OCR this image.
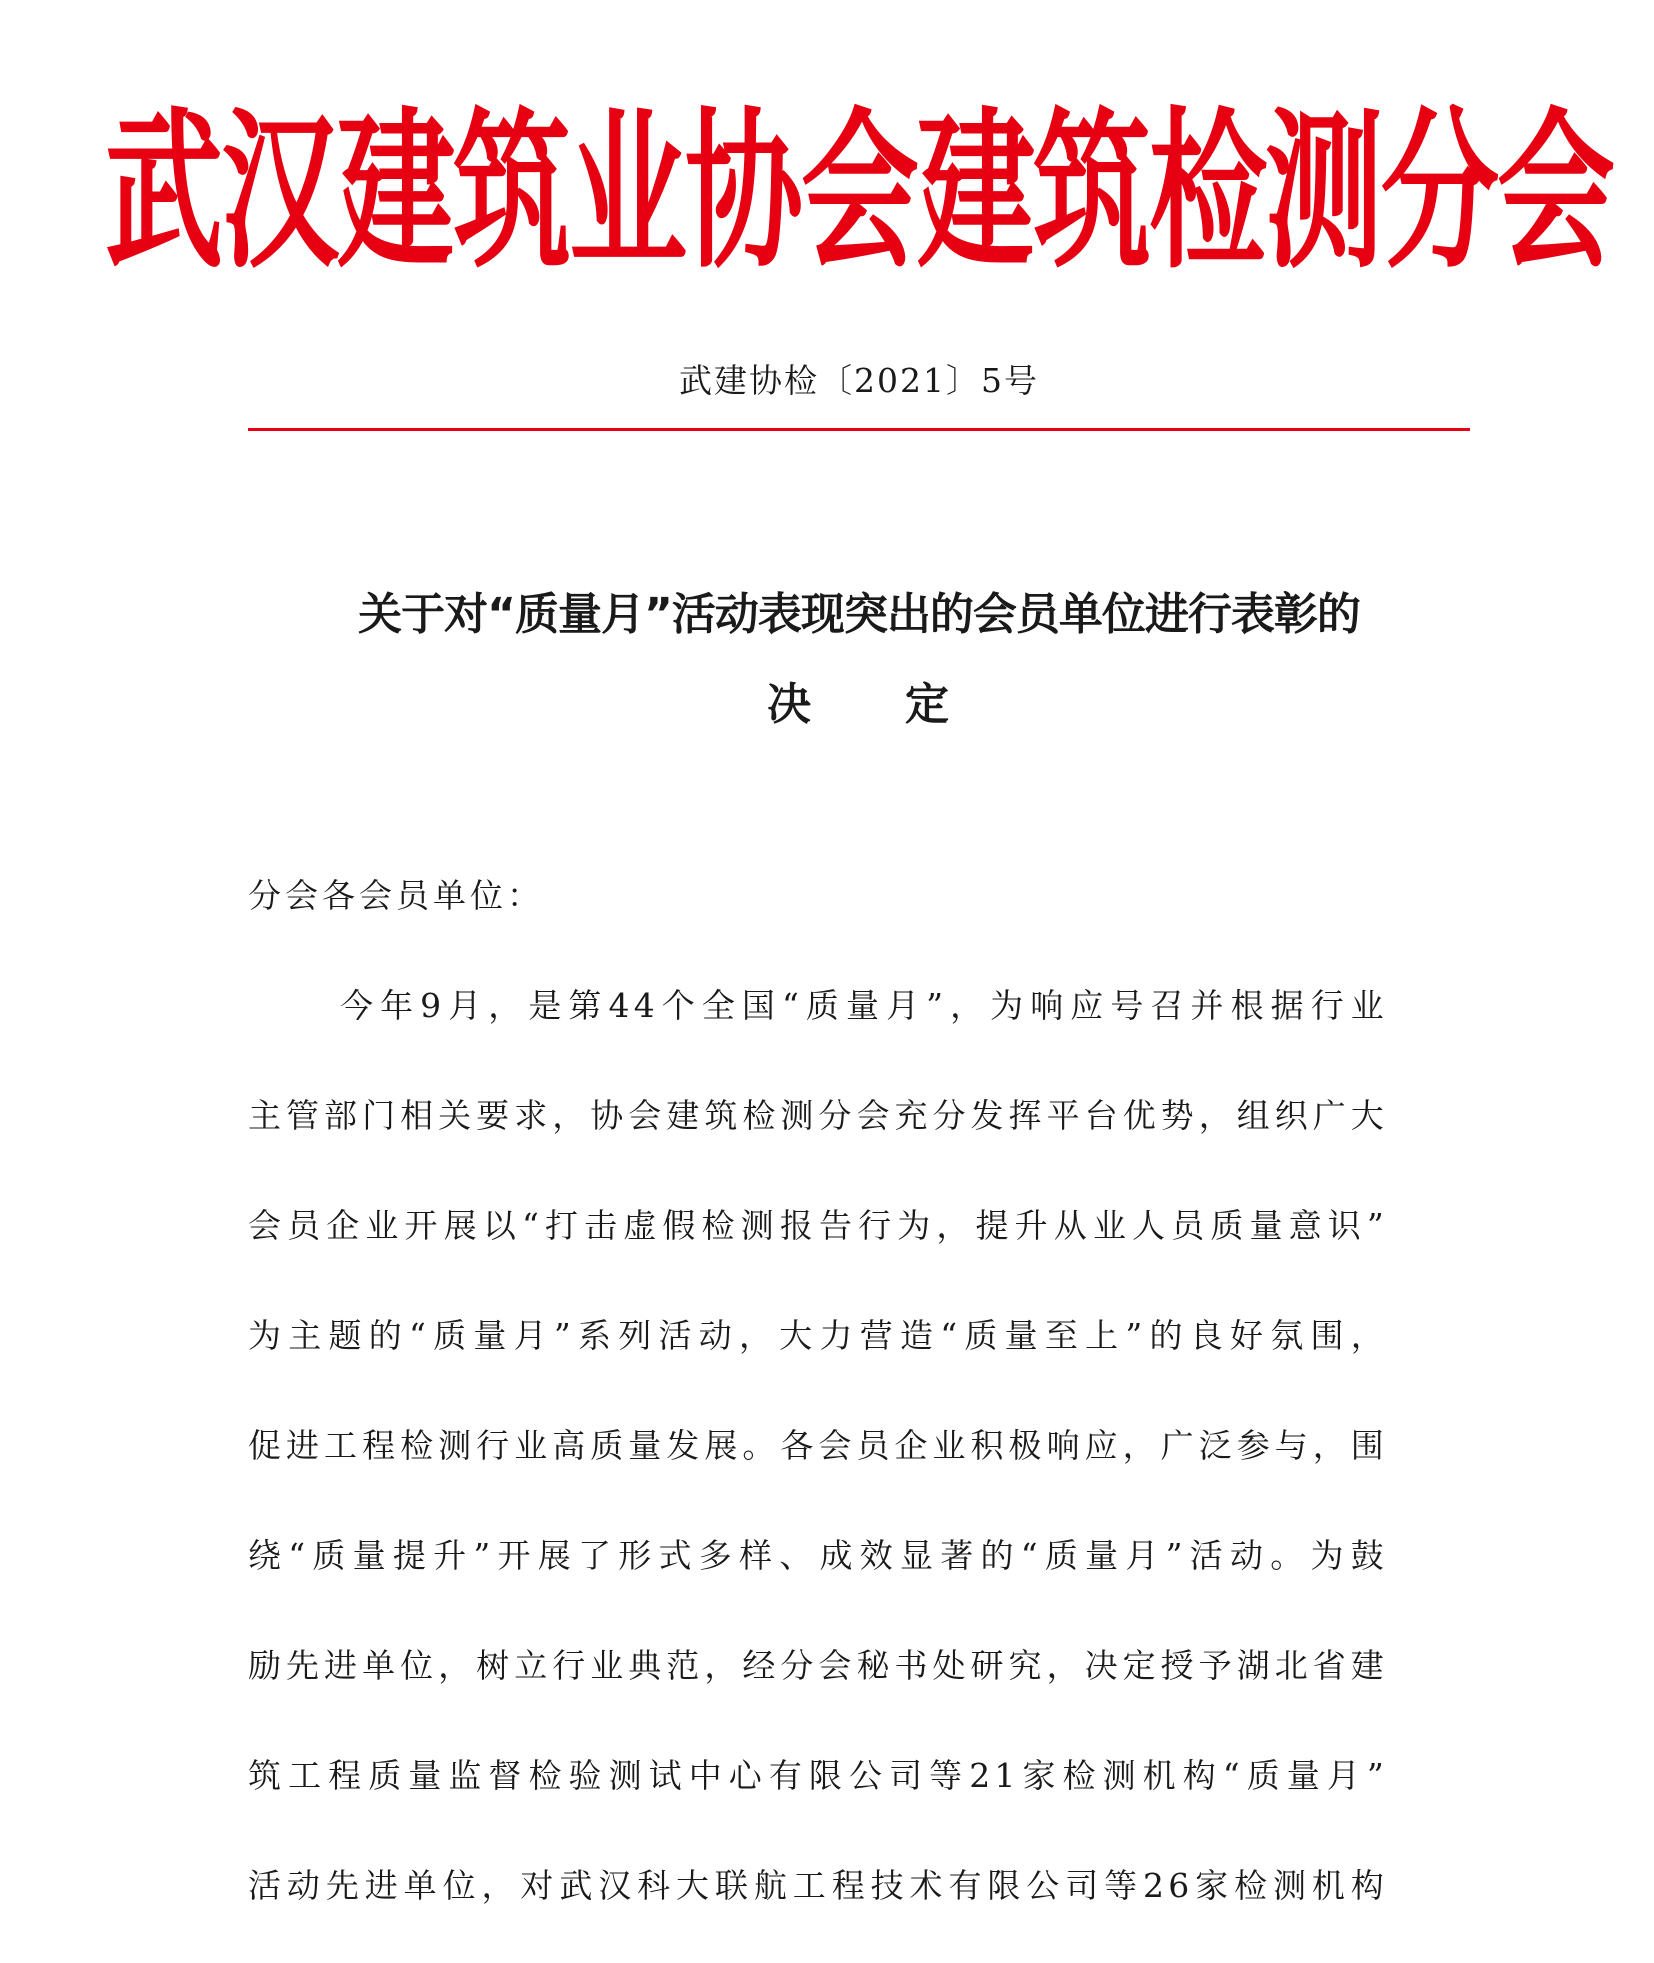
武汉建筑业协会建筑检测分会
武建协检〔2021〕5号
关于对“质量月”活动表现突出的会员单位进行表彰的
决　　定
分会各会员单位：
今年9月，是第44个全国“质量月”，为响应号召并根据行业
主管部门相关要求，协会建筑检测分会充分发挥平台优势，组织广大
会员企业开展以“打击虚假检测报告行为，提升从业人员质量意识”
为主题的“质量月”系列活动，大力营造“质量至上”的良好氛围，
促进工程检测行业高质量发展。各会员企业积极响应，广泛参与，围
绕“质量提升”开展了形式多样、成效显著的“质量月”活动。为鼓
励先进单位，树立行业典范，经分会秘书处研究，决定授予湖北省建
筑工程质量监督检验测试中心有限公司等21家检测机构“质量月”
活动先进单位，对武汉科大联航工程技术有限公司等26家检测机构
